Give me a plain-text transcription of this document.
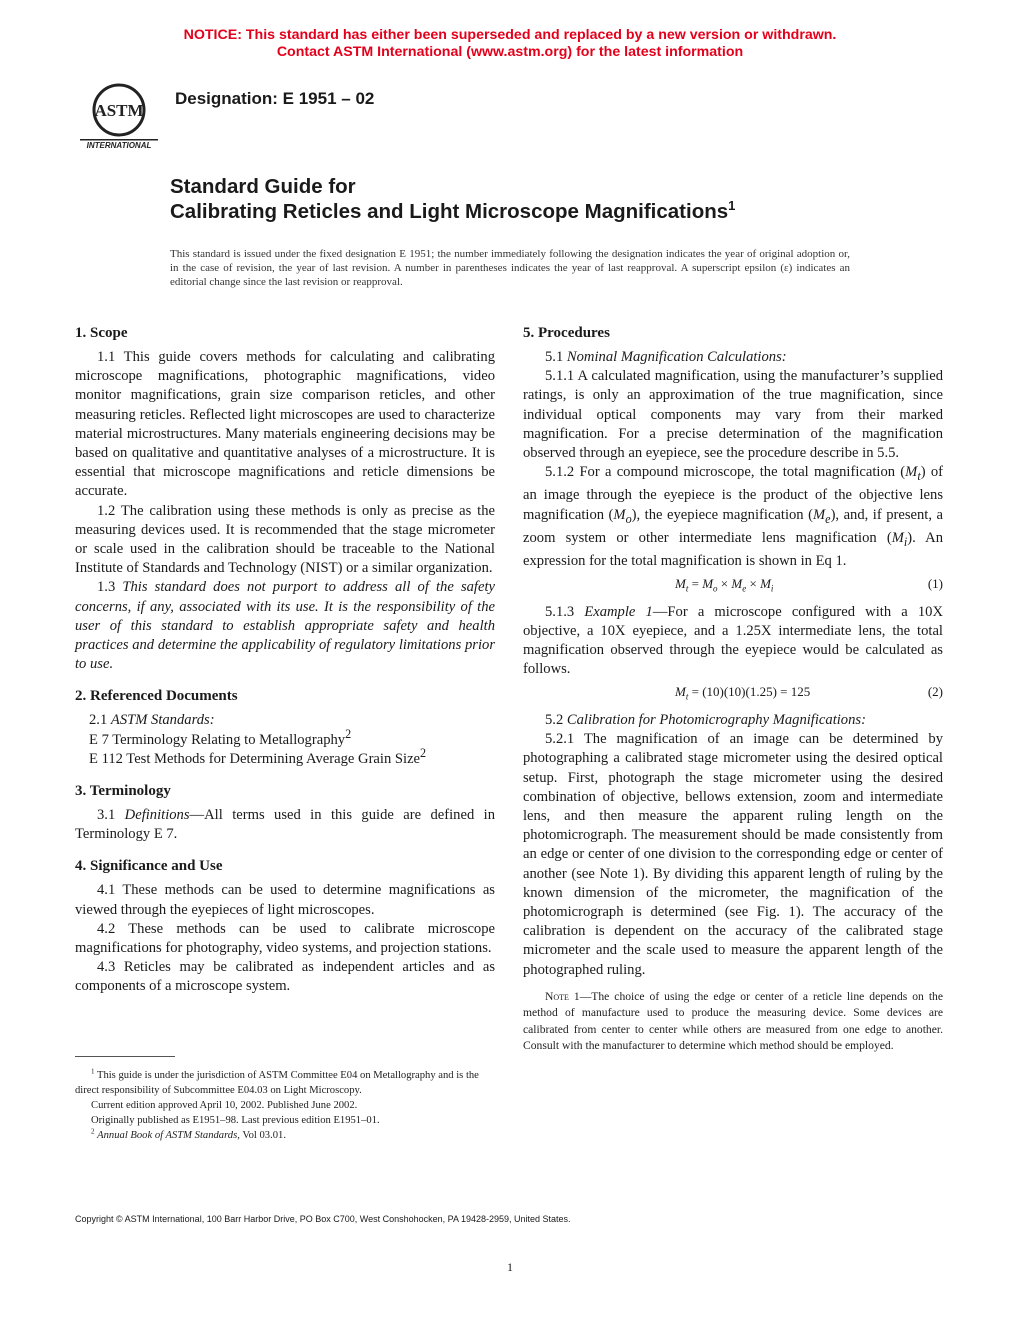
NOTICE: This standard has either been superseded and replaced by a new version or withdrawn.
Contact ASTM International (www.astm.org) for the latest information
ASTM
INTERNATIONAL
Designation: E 1951 – 02
Standard Guide for
Calibrating Reticles and Light Microscope Magnifications$^1$
This standard is issued under the fixed designation E 1951; the number immediately following the designation indicates the year of original adoption or, in the case of revision, the year of last revision. A number in parentheses indicates the year of last reapproval. A superscript epsilon (ε) indicates an editorial change since the last revision or reapproval.
1. Scope

1.1 This guide covers methods for calculating and calibrating microscope magnifications, photographic magnifications, video monitor magnifications, grain size comparison reticles, and other measuring reticles. Reflected light microscopes are used to characterize material microstructures. Many materials engineering decisions may be based on qualitative and quantitative analyses of a microstructure. It is essential that microscope magnifications and reticle dimensions be accurate.

1.2 The calibration using these methods is only as precise as the measuring devices used. It is recommended that the stage micrometer or scale used in the calibration should be traceable to the National Institute of Standards and Technology (NIST) or a similar organization.

1.3 This standard does not purport to address all of the safety concerns, if any, associated with its use. It is the responsibility of the user of this standard to establish appropriate safety and health practices and determine the applicability of regulatory limitations prior to use.

2. Referenced Documents

2.1 ASTM Standards:

E 7 Terminology Relating to Metallography$^2$

E 112 Test Methods for Determining Average Grain Size$^2$

3. Terminology

3.1 Definitions—All terms used in this guide are defined in Terminology E 7.

4. Significance and Use

4.1 These methods can be used to determine magnifications as viewed through the eyepieces of light microscopes.

4.2 These methods can be used to calibrate microscope magnifications for photography, video systems, and projection stations.

4.3 Reticles may be calibrated as independent articles and as components of a microscope system.

$^1$ This guide is under the jurisdiction of ASTM Committee E04 on Metallography and is the direct responsibility of Subcommittee E04.03 on Light Microscopy.

Current edition approved April 10, 2002. Published June 2002.

Originally published as E1951–98. Last previous edition E1951–01.

$^2$ Annual Book of ASTM Standards, Vol 03.01.

5. Procedures

5.1 Nominal Magnification Calculations:

5.1.1 A calculated magnification, using the manufacturer’s supplied ratings, is only an approximation of the true magnification, since individual optical components may vary from their marked magnification. For a precise determination of the magnification observed through an eyepiece, see the procedure describe in 5.5.

5.1.2 For a compound microscope, the total magnification $(M_t)$ of an image through the eyepiece is the product of the objective lens magnification $(M_o)$, the eyepiece magnification $(M_e)$, and, if present, a zoom system or other intermediate lens magnification $(M_i)$. An expression for the total magnification is shown in Eq 1.

$M_t = M_o \times M_e \times M_i$	(1)

5.1.3 Example 1—For a microscope configured with a 10X objective, a 10X eyepiece, and a 1.25X intermediate lens, the total magnification observed through the eyepiece would be calculated as follows.

$M_t = (10)(10)(1.25) = 125$	(2)

5.2 Calibration for Photomicrography Magnifications:

5.2.1 The magnification of an image can be determined by photographing a calibrated stage micrometer using the desired optical setup. First, photograph the stage micrometer using the desired combination of objective, bellows extension, zoom and intermediate lens, and then measure the apparent ruling length on the photomicrograph. The measurement should be made consistently from an edge or center of one division to the corresponding edge or center of another (see Note 1). By dividing this apparent length of ruling by the known dimension of the micrometer, the magnification of the photomicrograph is determined (see Fig. 1). The accuracy of the calibration is dependent on the accuracy of the calibrated stage micrometer and the scale used to measure the apparent length of the photographed ruling.

Note 1—The choice of using the edge or center of a reticle line depends on the method of manufacture used to produce the measuring device. Some devices are calibrated from center to center while others are measured from one edge to another. Consult with the manufacturer to determine which method should be employed.
Copyright © ASTM International, 100 Barr Harbor Drive, PO Box C700, West Conshohocken, PA 19428-2959, United States.
1
